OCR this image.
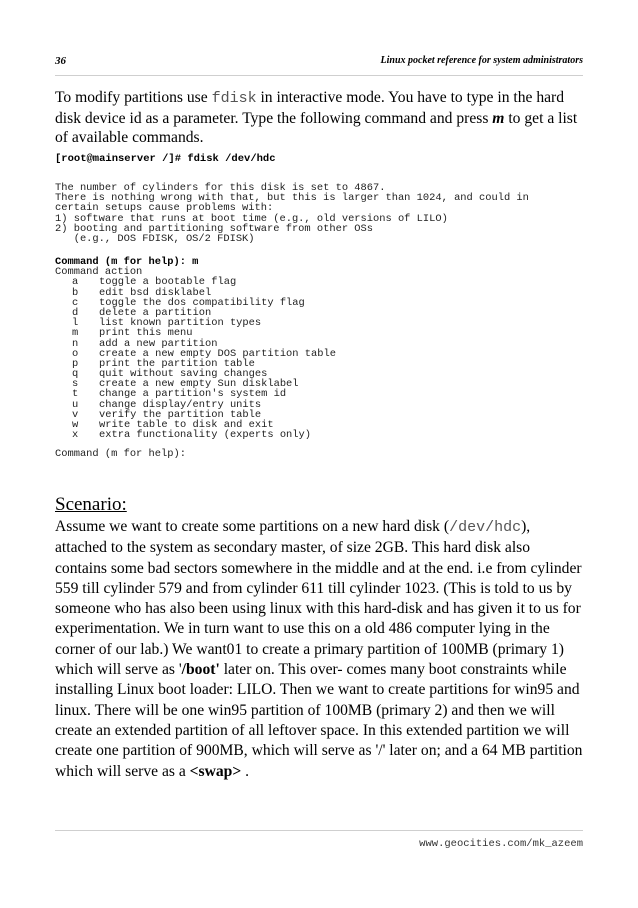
36	Linux pocket reference for system administrators

To modify partitions use fdisk in interactive mode. You have to type in the hard disk device id as a parameter. Type the following command and press m to get a list of available commands.

[root@mainserver /]# fdisk /dev/hdc
The number of cylinders for this disk is set to 4867.
There is nothing wrong with that, but this is larger than 1024, and could in
certain setups cause problems with:
1) software that runs at boot time (e.g., old versions of LILO)
2) booting and partitioning software from other OSs
(e.g., DOS FDISK, OS/2 FDISK)
Command (m for help): m
Command action
a toggle a bootable flag
b edit bsd disklabel
c toggle the dos compatibility flag
d delete a partition
l list known partition types
m print this menu
n add a new partition
o create a new empty DOS partition table
p print the partition table
q quit without saving changes
s create a new empty Sun disklabel
t change a partition's system id
u change display/entry units
v verify the partition table
w write table to disk and exit
x extra functionality (experts only)
Command (m for help):
Scenario:

Assume we want to create some partitions on a new hard disk (/dev/hdc), attached to the system as secondary master, of size 2GB. This hard disk also contains some bad sectors somewhere in the middle and at the end. i.e from cylinder 559 till cylinder 579 and from cylinder 611 till cylinder 1023. (This is told to us by someone who has also been using linux with this hard-disk and has given it to us for experimentation. We in turn want to use this on a old 486 computer lying in the corner of our lab.) We want01 to create a primary partition of 100MB (primary 1) which will serve as '/boot' later on. This over- comes many boot constraints while installing Linux boot loader: LILO. Then we want to create partitions for win95 and linux. There will be one win95 partition of 100MB (primary 2) and then we will create an extended partition of all leftover space. In this extended partition we will create one partition of 900MB, which will serve as '/' later on; and a 64 MB partition which will serve as a <swap> .

www.geocities.com/mk_azeem
